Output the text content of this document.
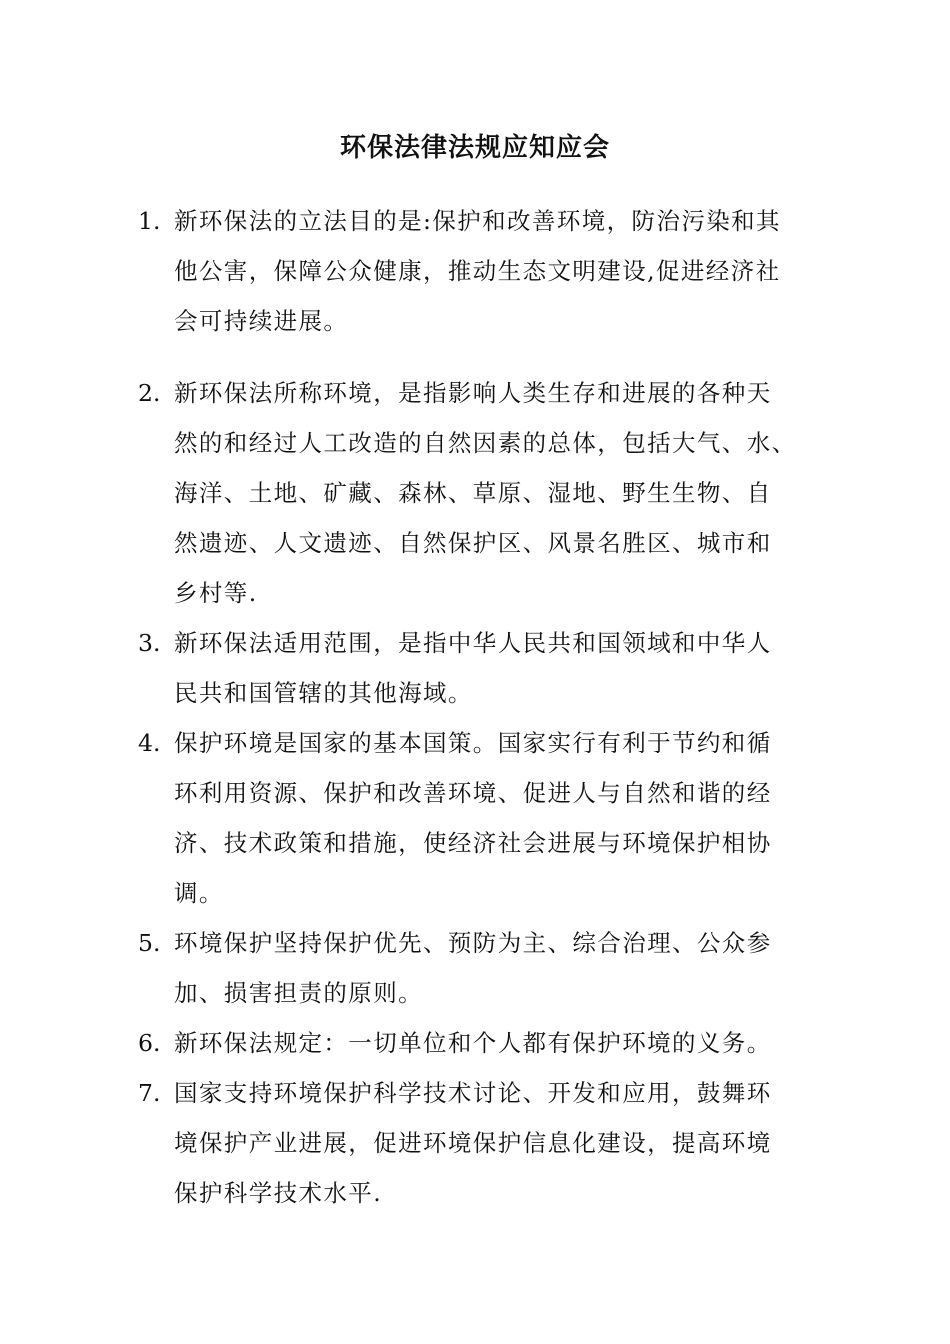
环保法律法规应知应会
1. 新环保法的立法目的是:保护和改善环境，防治污染和其
他公害，保障公众健康，推动生态文明建设,促进经济社
会可持续进展。
2. 新环保法所称环境，是指影响人类生存和进展的各种天
然的和经过人工改造的自然因素的总体，包括大气、水、
海洋、土地、矿藏、森林、草原、湿地、野生生物、自
然遗迹、人文遗迹、自然保护区、风景名胜区、城市和
乡村等.
3. 新环保法适用范围，是指中华人民共和国领域和中华人
民共和国管辖的其他海域。
4. 保护环境是国家的基本国策。国家实行有利于节约和循
环利用资源、保护和改善环境、促进人与自然和谐的经
济、技术政策和措施，使经济社会进展与环境保护相协
调。
5. 环境保护坚持保护优先、预防为主、综合治理、公众参
加、损害担责的原则。
6. 新环保法规定：一切单位和个人都有保护环境的义务。
7. 国家支持环境保护科学技术讨论、开发和应用，鼓舞环
境保护产业进展，促进环境保护信息化建设，提高环境
保护科学技术水平.
